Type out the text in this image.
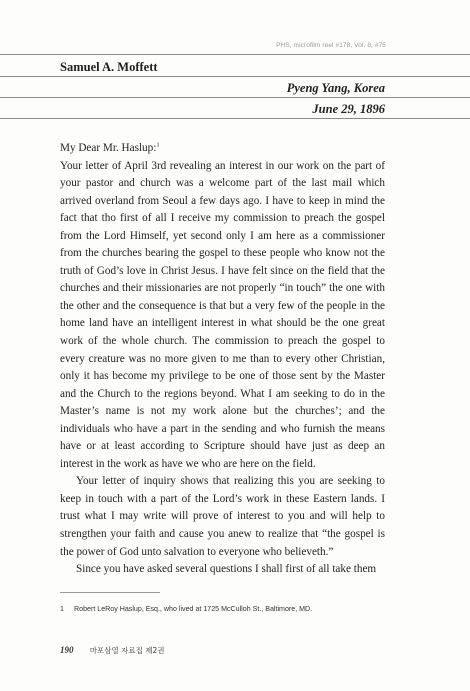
PHS, microfilm reel #178, Vol. 8, #75
Samuel A. Moffett
Pyeng Yang, Korea
June 29, 1896

My Dear Mr. Haslup:$^1$

Your letter of April 3rd revealing an interest in our work on the part of your pastor and church was a welcome part of the last mail which arrived overland from Seoul a few days ago. I have to keep in mind the fact that tho first of all I receive my commission to preach the gospel from the Lord Himself, yet second only I am here as a commissioner from the churches bearing the gospel to these people who know not the truth of God’s love in Christ Jesus. I have felt since on the field that the churches and their missionaries are not properly “in touch” the one with the other and the consequence is that but a very few of the people in the home land have an intelligent interest in what should be the one great work of the whole church. The commission to preach the gospel to every creature was no more given to me than to every other Christian, only it has become my privilege to be one of those sent by the Master and the Church to the regions beyond. What I am seeking to do in the Master’s name is not my work alone but the churches’; and the individuals who have a part in the sending and who furnish the means have or at least according to Scripture should have just as deep an interest in the work as have we who are here on the field.

Your letter of inquiry shows that realizing this you are seeking to keep in touch with a part of the Lord’s work in these Eastern lands. I trust what I may write will prove of interest to you and will help to strengthen your faith and cause you anew to realize that “the gospel is the power of God unto salvation to everyone who believeth.”

Since you have asked several questions I shall first of all take them

1 Robert LeRoy Haslup, Esq., who lived at 1725 McCulloh St., Baltimore, MD.
190 마포삼열 자료집 제2권
